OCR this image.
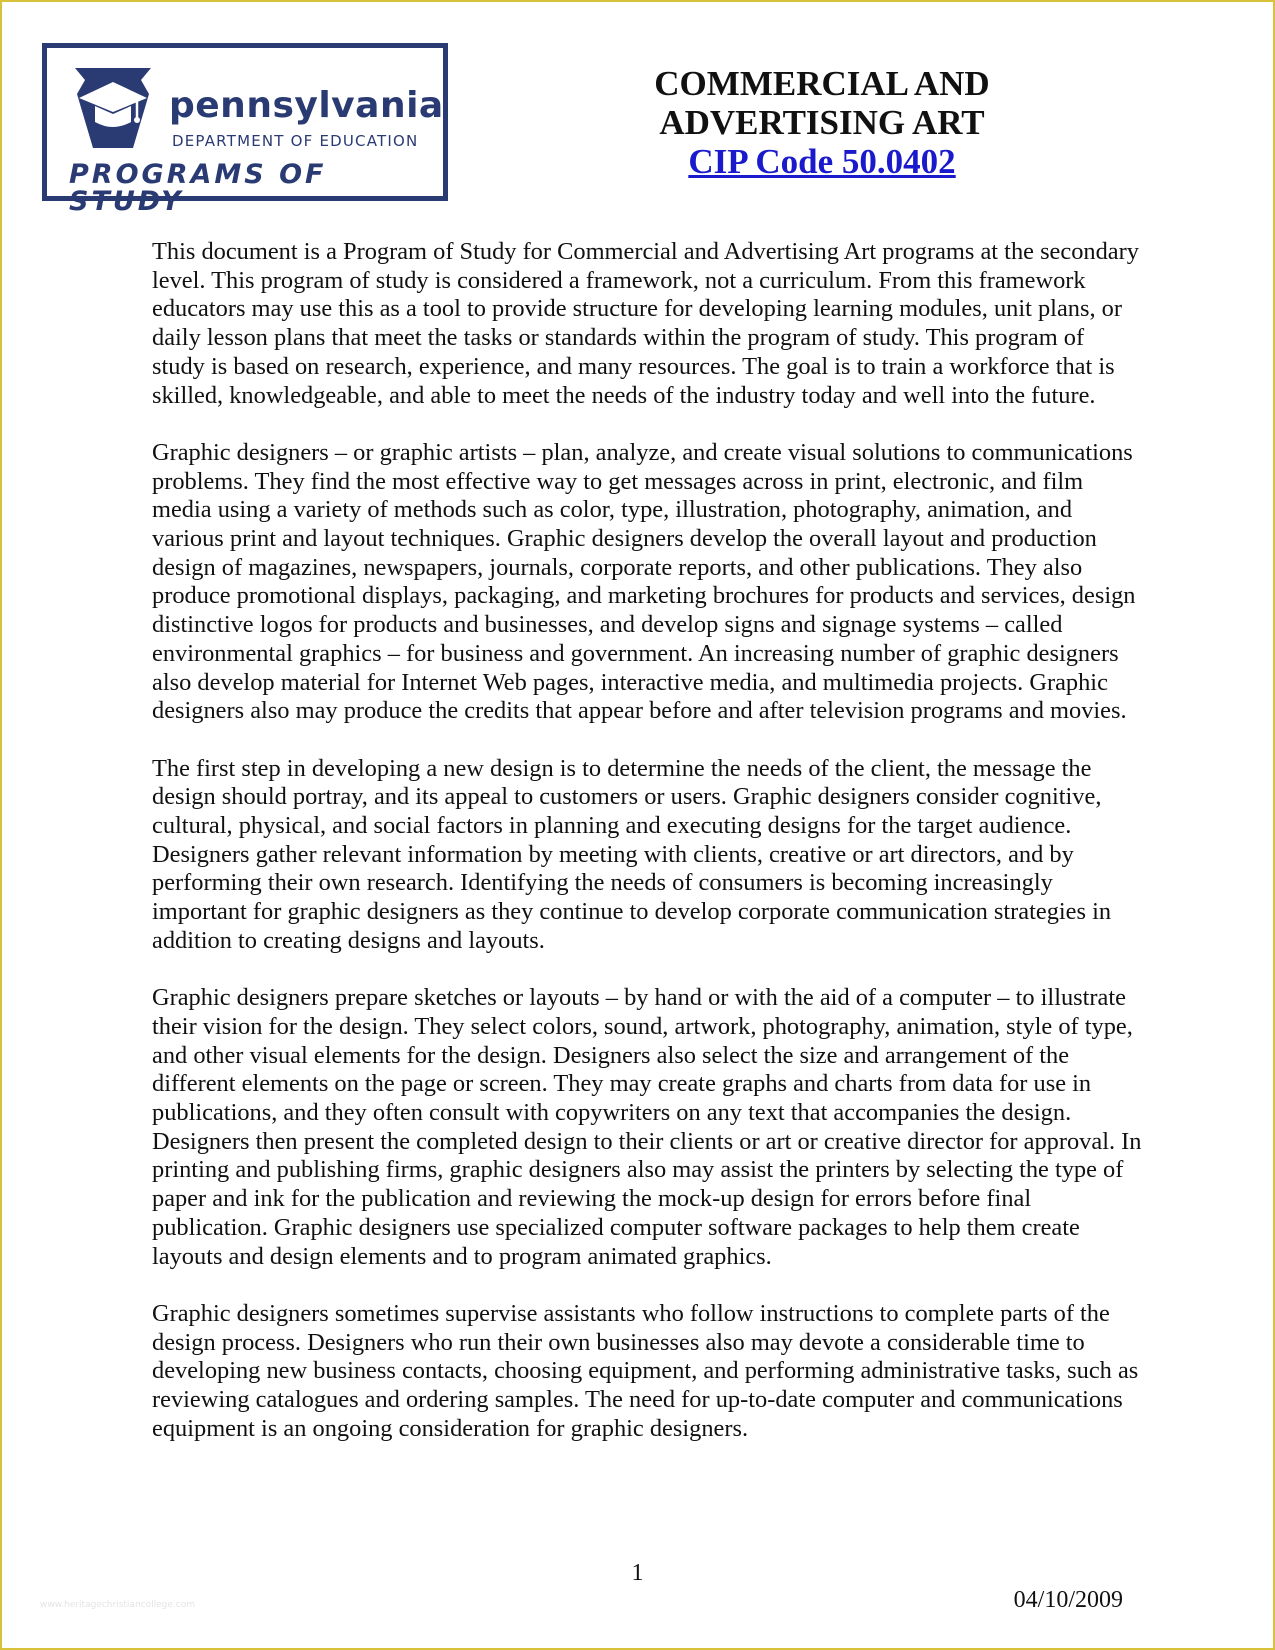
pennsylvania
DEPARTMENT OF EDUCATION
PROGRAMS OF STUDY
COMMERCIAL AND
ADVERTISING ART
CIP Code 50.0402

This document is a Program of Study for Commercial and Advertising Art programs at the secondary level. This program of study is considered a framework, not a curriculum. From this framework educators may use this as a tool to provide structure for developing learning modules, unit plans, or daily lesson plans that meet the tasks or standards within the program of study. This program of study is based on research, experience, and many resources. The goal is to train a workforce that is skilled, knowledgeable, and able to meet the needs of the industry today and well into the future.

Graphic designers – or graphic artists – plan, analyze, and create visual solutions to communications problems. They find the most effective way to get messages across in print, electronic, and film media using a variety of methods such as color, type, illustration, photography, animation, and various print and layout techniques. Graphic designers develop the overall layout and production design of magazines, newspapers, journals, corporate reports, and other publications. They also produce promotional displays, packaging, and marketing brochures for products and services, design distinctive logos for products and businesses, and develop signs and signage systems – called environmental graphics – for business and government. An increasing number of graphic designers also develop material for Internet Web pages, interactive media, and multimedia projects. Graphic designers also may produce the credits that appear before and after television programs and movies.

The first step in developing a new design is to determine the needs of the client, the message the design should portray, and its appeal to customers or users. Graphic designers consider cognitive, cultural, physical, and social factors in planning and executing designs for the target audience. Designers gather relevant information by meeting with clients, creative or art directors, and by performing their own research. Identifying the needs of consumers is becoming increasingly important for graphic designers as they continue to develop corporate communication strategies in addition to creating designs and layouts.

Graphic designers prepare sketches or layouts – by hand or with the aid of a computer – to illustrate their vision for the design. They select colors, sound, artwork, photography, animation, style of type, and other visual elements for the design. Designers also select the size and arrangement of the different elements on the page or screen. They may create graphs and charts from data for use in publications, and they often consult with copywriters on any text that accompanies the design. Designers then present the completed design to their clients or art or creative director for approval. In printing and publishing firms, graphic designers also may assist the printers by selecting the type of paper and ink for the publication and reviewing the mock-up design for errors before final publication. Graphic designers use specialized computer software packages to help them create layouts and design elements and to program animated graphics.

Graphic designers sometimes supervise assistants who follow instructions to complete parts of the design process. Designers who run their own businesses also may devote a considerable time to developing new business contacts, choosing equipment, and performing administrative tasks, such as reviewing catalogues and ordering samples. The need for up-to-date computer and communications equipment is an ongoing consideration for graphic designers.

1
04/10/2009
www.heritagechristiancollege.com
